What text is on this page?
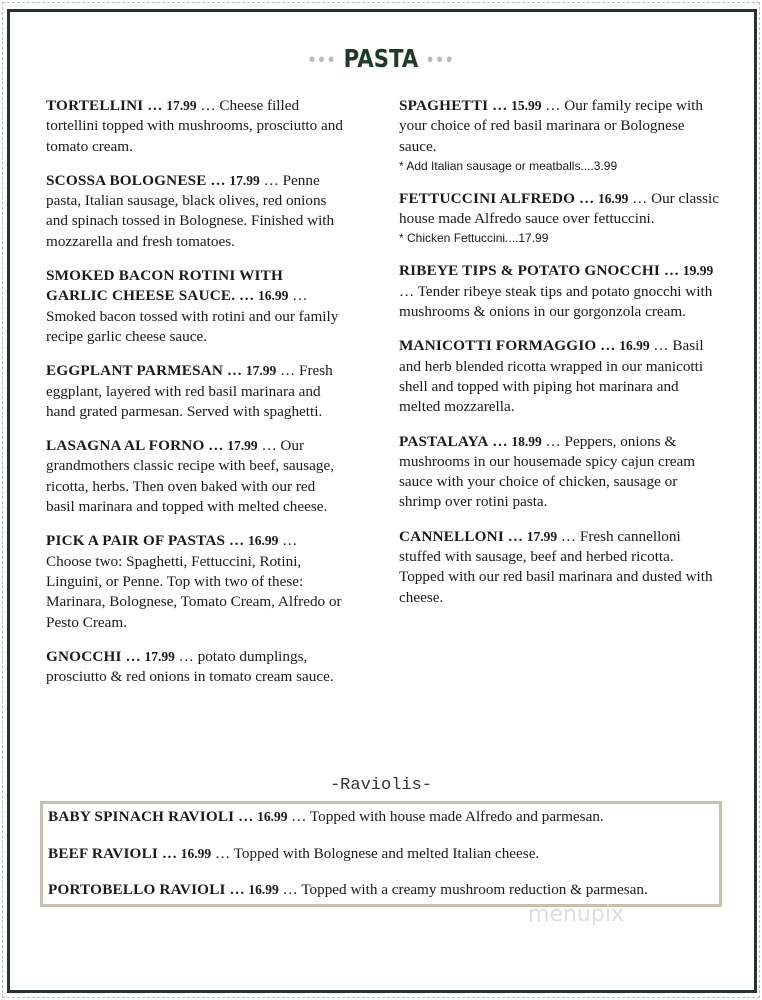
••• PASTA •••
TORTELLINI … 17.99 … Cheese filled tortellini topped with mushrooms, prosciutto and tomato cream.
SCOSSA BOLOGNESE … 17.99 … Penne pasta, Italian sausage, black olives, red onions and spinach tossed in Bolognese. Finished with mozzarella and fresh tomatoes.
SMOKED BACON ROTINI WITH GARLIC CHEESE SAUCE. … 16.99 … Smoked bacon tossed with rotini and our family recipe garlic cheese sauce.
EGGPLANT PARMESAN … 17.99 … Fresh eggplant, layered with red basil marinara and hand grated parmesan. Served with spaghetti.
LASAGNA AL FORNO … 17.99 … Our grandmothers classic recipe with beef, sausage, ricotta, herbs. Then oven baked with our red basil marinara and topped with melted cheese.
PICK A PAIR OF PASTAS … 16.99 … Choose two: Spaghetti, Fettuccini, Rotini, Linguini, or Penne. Top with two of these: Marinara, Bolognese, Tomato Cream, Alfredo or Pesto Cream.
GNOCCHI … 17.99 … potato dumplings, prosciutto & red onions in tomato cream sauce.
SPAGHETTI … 15.99 … Our family recipe with your choice of red basil marinara or Bolognese sauce.
* Add Italian sausage or meatballs....3.99
FETTUCCINI ALFREDO … 16.99 … Our classic house made Alfredo sauce over fettuccini.
* Chicken Fettuccini....17.99
RIBEYE TIPS & POTATO GNOCCHI … 19.99 … Tender ribeye steak tips and potato gnocchi with mushrooms & onions in our gorgonzola cream.
MANICOTTI FORMAGGIO … 16.99 … Basil and herb blended ricotta wrapped in our manicotti shell and topped with piping hot marinara and melted mozzarella.
PASTALAYA … 18.99 … Peppers, onions & mushrooms in our housemade spicy cajun cream sauce with your choice of chicken, sausage or shrimp over rotini pasta.
CANNELLONI … 17.99 … Fresh cannelloni stuffed with sausage, beef and herbed ricotta. Topped with our red basil marinara and dusted with cheese.
-Raviolis-
BABY SPINACH RAVIOLI … 16.99 … Topped with house made Alfredo and parmesan.
BEEF RAVIOLI … 16.99 … Topped with Bolognese and melted Italian cheese.
PORTOBELLO RAVIOLI … 16.99 … Topped with a creamy mushroom reduction & parmesan.
menupix
